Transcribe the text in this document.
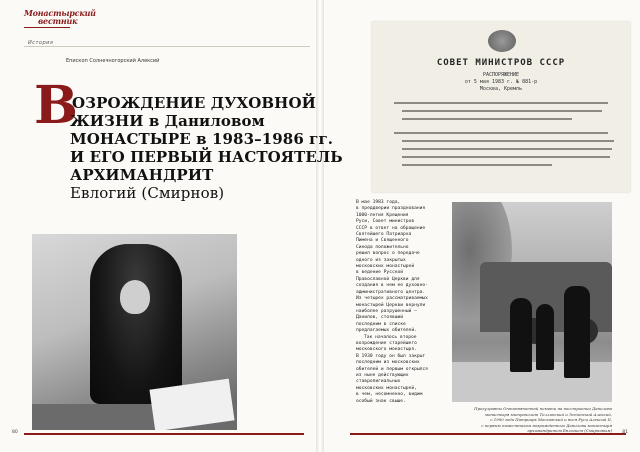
Монастырский
вестник
История
Епископ Солнечногорский Алексий
В
ОЗРОЖДЕНИЕ ДУХОВНОЙ
ЖИЗНИ в Даниловом
МОНАСТЫРЕ в 1983–1986 гг.
И ЕГО ПЕРВЫЙ НАСТОЯТЕЛЬ
АРХИМАНДРИТ
Евлогий (Смирнов)
80
СОВЕТ МИНИСТРОВ СССР
РАСПОРЯЖЕНИЕ
от 5 мая 1983 г. № 881-р
Москва, Кремль

В мае 1983 года,
в преддверии празднования
1000-летия Крещения
Руси, Совет министров
СССР в ответ на обращение
Святейшего Патриарха
Пимена и Священного
Синода положительно
решил вопрос о передаче
одного из закрытых
московских монастырей
в ведение Русской
Православной Церкви для
создания в нем ее духовно-
административного центра.
Из четырех рассматриваемых
монастырей Церкви вернули
наиболее разрушенный –
Данилов, стоявший
последним в списке
предлагаемых обителей.

Так началось второе
возрождение старейшего
московского монастыря.
В 1930 году он был закрыт
последним из московских
обителей и первым открылся
из ныне действующих
ставропигиальных
московских монастырей,
в чем, несомненно, видим
особый знак свыше.

Прогулравны Оптинвятенной немати на восстроенио Данилова
монастыря митрополит Толлинский и Эстонский Алексий,
с 1990 года Патриарх Московский и всея Руси Алексий II,
с первым наместником возрожденного Данилова монастыря
архимандритом Евлогием (Смирновым) 81
